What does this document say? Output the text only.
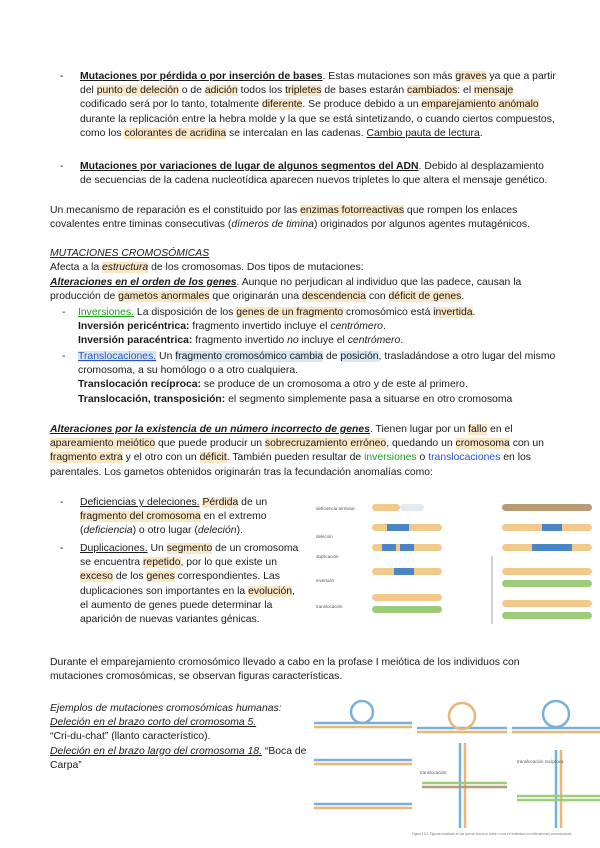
- Mutaciones por pérdida o por inserción de bases. Estas mutaciones son más graves ya que a partir del punto de deleción o de adición todos los tripletes de bases estarán cambiados: el mensaje codificado será por lo tanto, totalmente diferente. Se produce debido a un emparejamiento anómalo durante la replicación entre la hebra molde y la que se está sintetizando, o cuando ciertos compuestos, como los colorantes de acridina se intercalan en las cadenas. Cambio pauta de lectura.
- Mutaciones por variaciones de lugar de algunos segmentos del ADN. Debido al desplazamiento de secuencias de la cadena nucleotídica aparecen nuevos tripletes lo que altera el mensaje genético.
Un mecanismo de reparación es el constituido por las enzimas fotorreactivas que rompen los enlaces covalentes entre timinas consecutivas (dímeros de timina) originados por algunos agentes mutagénicos.
MUTACIONES CROMOSÓMICAS
Afecta a la estructura de los cromosomas. Dos tipos de mutaciones:
Alteraciones en el orden de los genes. Aunque no perjudican al individuo que las padece, causan la producción de gametos anormales que originarán una descendencia con déficit de genes.
- Inversiones. La disposición de los genes de un fragmento cromosómico está invertida.
Inversión pericéntrica: fragmento invertido incluye el centrómero.
Inversión paracéntrica: fragmento invertido no incluye el centrómero.
- Translocaciones. Un fragmento cromosómico cambia de posición, trasladándose a otro lugar del mismo cromosoma, a su homólogo o a otro cualquiera.
Translocación recíproca: se produce de un cromosoma a otro y de este al primero.
Translocación, transposición: el segmento simplemente pasa a situarse en otro cromosoma
Alteraciones por la existencia de un número incorrecto de genes. Tienen lugar por un fallo en el apareamiento meiótico que puede producir un sobrecruzamiento erróneo, quedando un cromosoma con un fragmento extra y el otro con un déficit. También pueden resultar de inversiones o translocaciones en los parentales. Los gametos obtenidos originarán tras la fecundación anomalías como:
- Deficiencias y deleciones. Pérdida de un fragmento del cromosoma en el extremo (deficiencia) o otro lugar (deleción).
- Duplicaciones. Un segmento de un cromosoma se encuentra repetido, por lo que existe un exceso de los genes correspondientes. Las duplicaciones son importantes en la evolución, el aumento de genes puede determinar la aparición de nuevas variantes génicas.
deficiencia terminal
deleción
duplicación
inversión
translocación
Durante el emparejamiento cromosómico llevado a cabo en la profase I meiótica de los individuos con mutaciones cromosómicas, se observan figuras características.
Ejemplos de mutaciones cromosómicas humanas:
Deleción en el brazo corto del cromosoma 5.
“Cri-du-chat” (llanto característico).
Deleción en el brazo largo del cromosoma 18. “Boca de Carpa”
translocación
translocación recíproca
Figura 16.3. Figuras meióticas en las que se forma un bucle o cruz en individuos con alteraciones cromosómicas
